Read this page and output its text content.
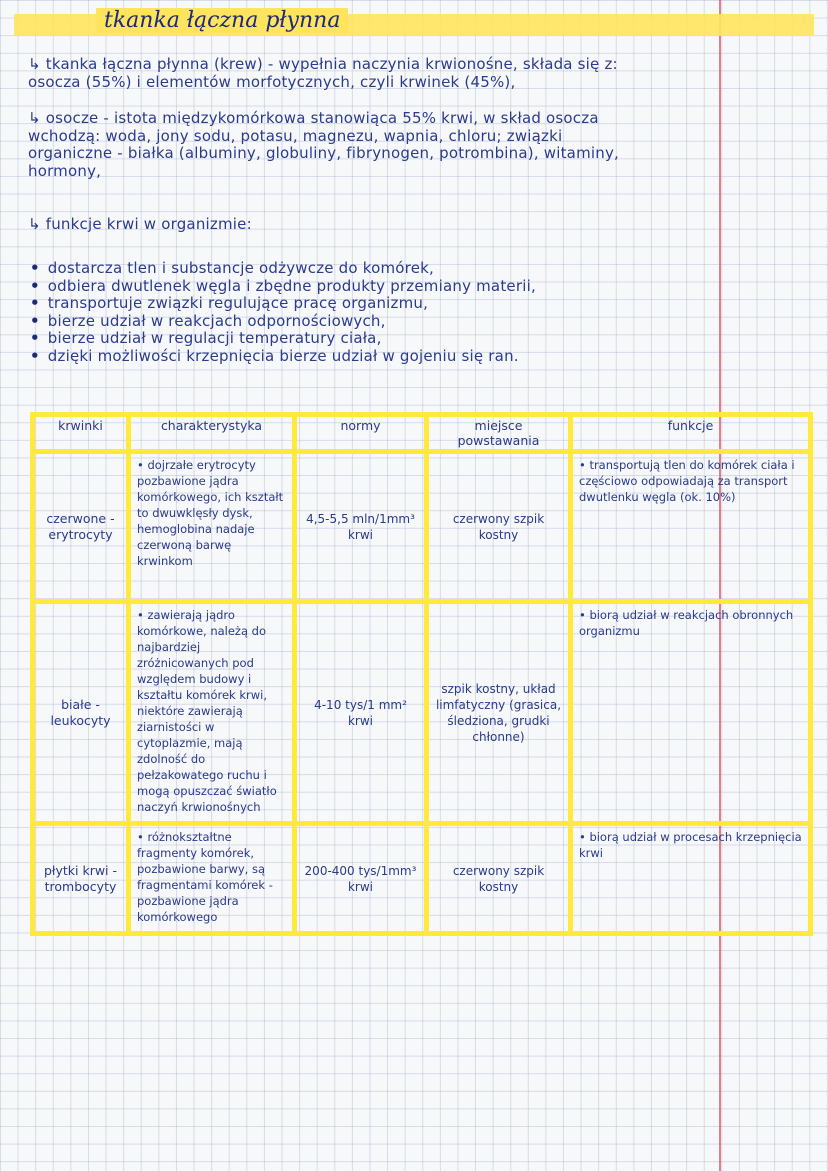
tkanka łączna płynna
↳ tkanka łączna płynna (krew) - wypełnia naczynia krwionośne, składa się z:
osocza (55%) i elementów morfotycznych, czyli krwinek (45%),
↳ osocze - istota międzykomórkowa stanowiąca 55% krwi, w skład osocza
wchodzą: woda, jony sodu, potasu, magnezu, wapnia, chloru; związki
organiczne - białka (albuminy, globuliny, fibrynogen, potrombina), witaminy,
hormony,
↳ funkcje krwi w organizmie:
• dostarcza tlen i substancje odżywcze do komórek,
• odbiera dwutlenek węgla i zbędne produkty przemiany materii,
• transportuje związki regulujące pracę organizmu,
• bierze udział w reakcjach odpornościowych,
• bierze udział w regulacji temperatury ciała,
• dzięki możliwości krzepnięcia bierze udział w gojeniu się ran.
krwinki	charakterystyka	normy	miejsce powstawania	funkcje
czerwone - erytrocyty	• dojrzałe erytrocyty pozbawione jądra komórkowego, ich kształt to dwuwklęsły dysk, hemoglobina nadaje czerwoną barwę krwinkom	4,5-5,5 mln/1mm³ krwi	czerwony szpik kostny	• transportują tlen do komórek ciała i częściowo odpowiadają za transport dwutlenku węgla (ok. 10%)
białe - leukocyty	• zawierają jądro komórkowe, należą do najbardziej zróżnicowanych pod względem budowy i kształtu komórek krwi, niektóre zawierają ziarnistości w cytoplazmie, mają zdolność do pełzakowatego ruchu i mogą opuszczać światło naczyń krwionośnych	4-10 tys/1 mm² krwi	szpik kostny, układ limfatyczny (grasica, śledziona, grudki chłonne)	• biorą udział w reakcjach obronnych organizmu
płytki krwi - trombocyty	• różnokształtne fragmenty komórek, pozbawione barwy, są fragmentami komórek - pozbawione jądra komórkowego	200-400 tys/1mm³ krwi	czerwony szpik kostny	• biorą udział w procesach krzepnięcia krwi
